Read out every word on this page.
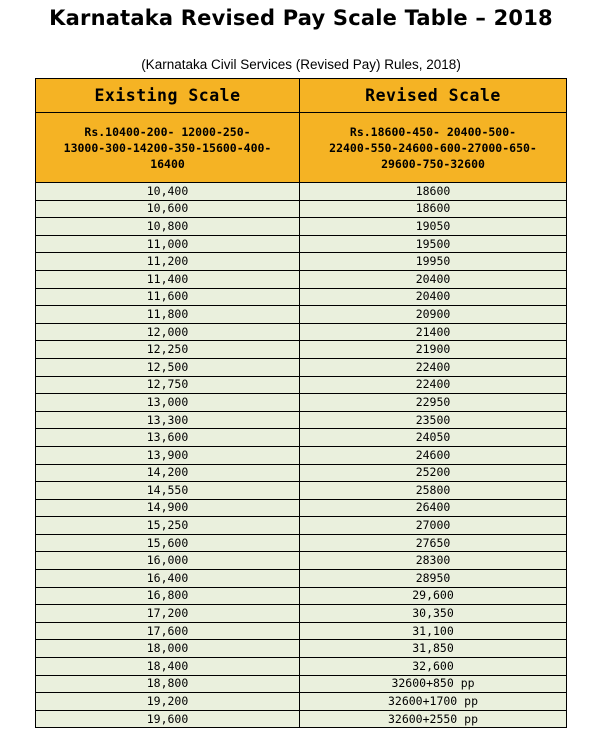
Karnataka Revised Pay Scale Table – 2018
(Karnataka Civil Services (Revised Pay) Rules, 2018)
Existing Scale	Revised Scale

Rs.10400-200- 12000-250- 13000-300-14200-350-15600-400-16400	Rs.18600-450- 20400-500- 22400-550-24600-600-27000-650-29600-750-32600

10,400	18600
10,600	18600
10,800	19050
11,000	19500
11,200	19950
11,400	20400
11,600	20400
11,800	20900
12,000	21400
12,250	21900
12,500	22400
12,750	22400
13,000	22950
13,300	23500
13,600	24050
13,900	24600
14,200	25200
14,550	25800
14,900	26400
15,250	27000
15,600	27650
16,000	28300
16,400	28950
16,800	29,600
17,200	30,350
17,600	31,100
18,000	31,850
18,400	32,600
18,800	32600+850 pp
19,200	32600+1700 pp
19,600	32600+2550 pp
